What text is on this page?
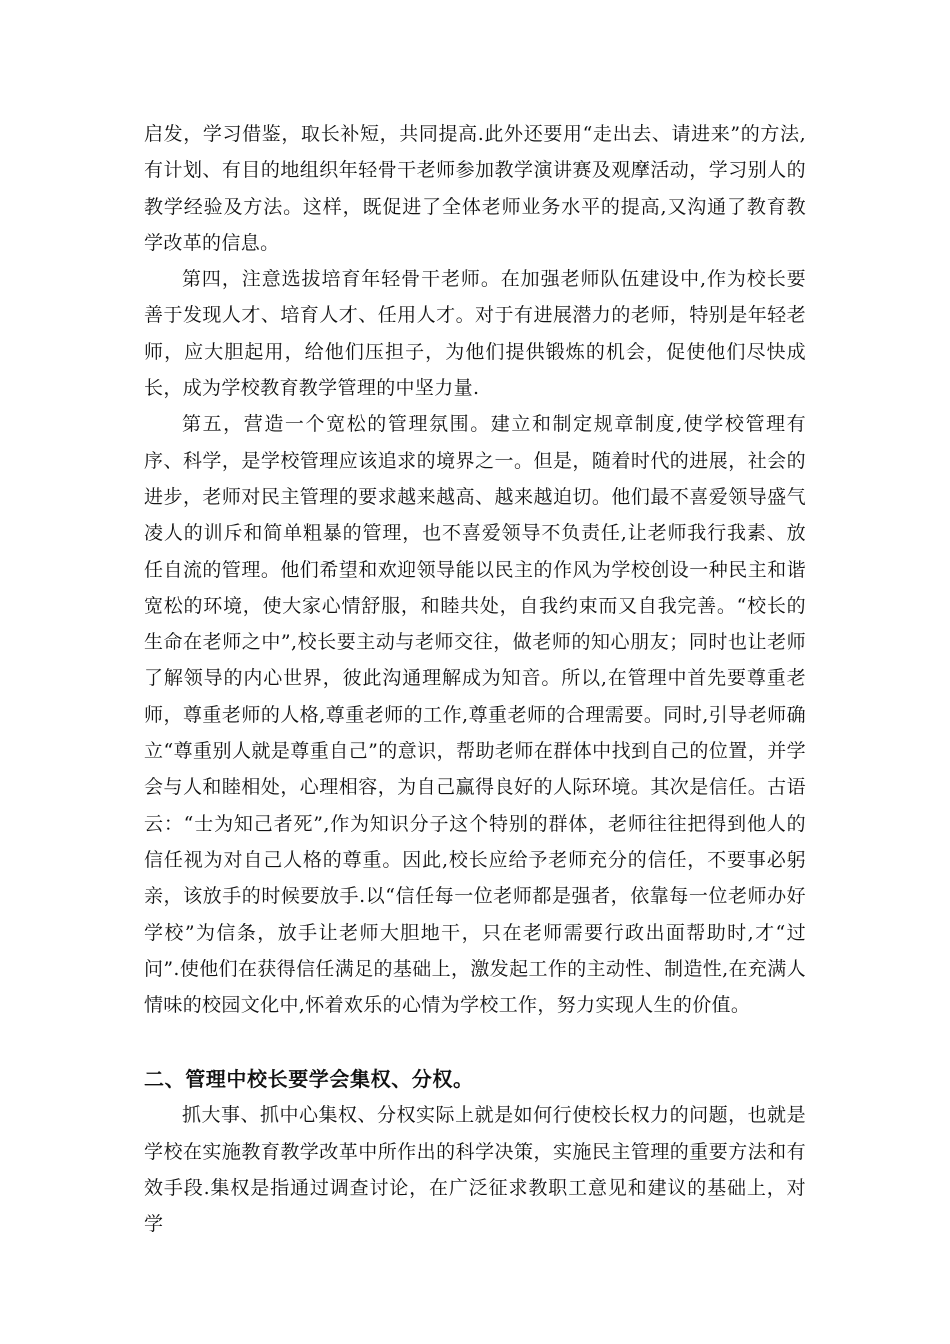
启发，学习借鉴，取长补短，共同提高.此外还要用“走出去、请进来”的方法,有计划、有目的地组织年轻骨干老师参加教学演讲赛及观摩活动，学习别人的教学经验及方法。这样，既促进了全体老师业务水平的提高,又沟通了教育教学改革的信息。

第四，注意选拔培育年轻骨干老师。在加强老师队伍建设中,作为校长要善于发现人才、培育人才、任用人才。对于有进展潜力的老师，特别是年轻老师，应大胆起用，给他们压担子，为他们提供锻炼的机会，促使他们尽快成长，成为学校教育教学管理的中坚力量.

第五，营造一个宽松的管理氛围。建立和制定规章制度,使学校管理有序、科学，是学校管理应该追求的境界之一。但是，随着时代的进展，社会的进步，老师对民主管理的要求越来越高、越来越迫切。他们最不喜爱领导盛气凌人的训斥和简单粗暴的管理，也不喜爱领导不负责任,让老师我行我素、放任自流的管理。他们希望和欢迎领导能以民主的作风为学校创设一种民主和谐宽松的环境，使大家心情舒服，和睦共处，自我约束而又自我完善。“校长的生命在老师之中”,校长要主动与老师交往，做老师的知心朋友；同时也让老师了解领导的内心世界，彼此沟通理解成为知音。所以,在管理中首先要尊重老师，尊重老师的人格,尊重老师的工作,尊重老师的合理需要。同时,引导老师确立“尊重别人就是尊重自己”的意识，帮助老师在群体中找到自己的位置，并学会与人和睦相处，心理相容，为自己赢得良好的人际环境。其次是信任。古语云：“士为知己者死”,作为知识分子这个特别的群体，老师往往把得到他人的信任视为对自己人格的尊重。因此,校长应给予老师充分的信任，不要事必躬亲，该放手的时候要放手.以“信任每一位老师都是强者，依靠每一位老师办好学校”为信条，放手让老师大胆地干，只在老师需要行政出面帮助时,才“过问”.使他们在获得信任满足的基础上，激发起工作的主动性、制造性,在充满人情味的校园文化中,怀着欢乐的心情为学校工作，努力实现人生的价值。

二、管理中校长要学会集权、分权。

抓大事、抓中心集权、分权实际上就是如何行使校长权力的问题，也就是学校在实施教育教学改革中所作出的科学决策，实施民主管理的重要方法和有效手段.集权是指通过调查讨论，在广泛征求教职工意见和建议的基础上，对学
